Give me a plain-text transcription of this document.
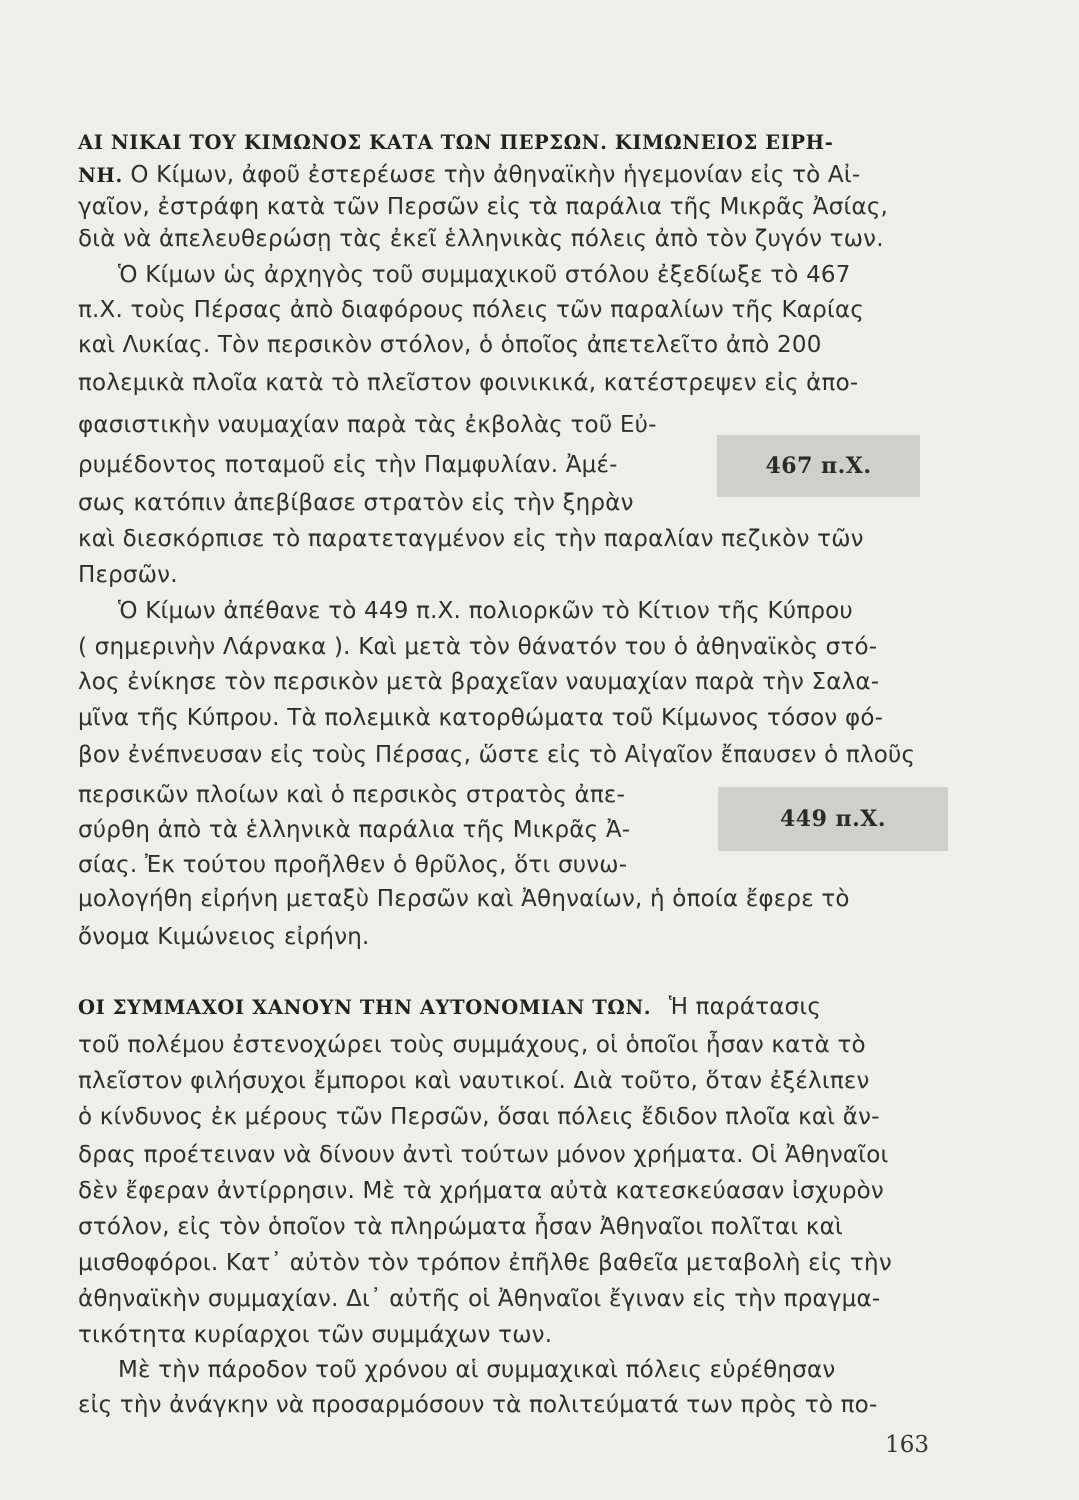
ΑΙ ΝΙΚΑΙ ΤΟΥ ΚΙΜΩΝΟΣ ΚΑΤΑ ΤΩΝ ΠΕΡΣΩΝ. ΚΙΜΩΝΕΙΟΣ ΕΙΡΗ-
ΝΗ. Ο Κίμων, ἀφοῦ ἐστερέωσε τὴν ἀθηναϊκὴν ἡγεμονίαν εἰς τὸ Αἰ-
γαῖον, ἐστράφη κατὰ τῶν Περσῶν εἰς τὰ παράλια τῆς Μικρᾶς Ἀσίας,
διὰ νὰ ἀπελευθερώσῃ τὰς ἐκεῖ ἑλληνικὰς πόλεις ἀπὸ τὸν ζυγόν των.
Ὁ Κίμων ὡς ἀρχηγὸς τοῦ συμμαχικοῦ στόλου ἐξεδίωξε τὸ 467
π.Χ. τοὺς Πέρσας ἀπὸ διαφόρους πόλεις τῶν παραλίων τῆς Καρίας
καὶ Λυκίας. Τὸν περσικὸν στόλον, ὁ ὁποῖος ἀπετελεῖτο ἀπὸ 200
πολεμικὰ πλοῖα κατὰ τὸ πλεῖστον φοινικικά, κατέστρεψεν εἰς ἀπο-
φασιστικὴν ναυμαχίαν παρὰ τὰς ἐκβολὰς τοῦ Εὐ-
ρυμέδοντος ποταμοῦ εἰς τὴν Παμφυλίαν. Ἀμέ-
σως κατόπιν ἀπεβίβασε στρατὸν εἰς τὴν ξηρὰν
467 π.Χ.
καὶ διεσκόρπισε τὸ παρατεταγμένον εἰς τὴν παραλίαν πεζικὸν τῶν
Περσῶν.
Ὁ Κίμων ἀπέθανε τὸ 449 π.Χ. πολιορκῶν τὸ Κίτιον τῆς Κύπρου
( σημερινὴν Λάρνακα ). Καὶ μετὰ τὸν θάνατόν του ὁ ἀθηναϊκὸς στό-
λος ἐνίκησε τὸν περσικὸν μετὰ βραχεῖαν ναυμαχίαν παρὰ τὴν Σαλα-
μῖνα τῆς Κύπρου. Τὰ πολεμικὰ κατορθώματα τοῦ Κίμωνος τόσον φό-
βον ἐνέπνευσαν εἰς τοὺς Πέρσας, ὥστε εἰς τὸ Αἰγαῖον ἔπαυσεν ὁ πλοῦς
περσικῶν πλοίων καὶ ὁ περσικὸς στρατὸς ἀπε-
σύρθη ἀπὸ τὰ ἑλληνικὰ παράλια τῆς Μικρᾶς Ἀ-
σίας. Ἐκ τούτου προῆλθεν ὁ θρῦλος, ὅτι συνω-
449 π.Χ.
μολογήθη εἰρήνη μεταξὺ Περσῶν καὶ Ἀθηναίων, ἡ ὁποία ἔφερε τὸ
ὄνομα Κιμώνειος εἰρήνη.
ΟΙ ΣΥΜΜΑΧΟΙ ΧΑΝΟΥΝ ΤΗΝ ΑΥΤΟΝΟΜΙΑΝ ΤΩΝ. Ἡ παράτασις
τοῦ πολέμου ἐστενοχώρει τοὺς συμμάχους, οἱ ὁποῖοι ἦσαν κατὰ τὸ
πλεῖστον φιλήσυχοι ἔμποροι καὶ ναυτικοί. Διὰ τοῦτο, ὅταν ἐξέλιπεν
ὁ κίνδυνος ἐκ μέρους τῶν Περσῶν, ὅσαι πόλεις ἔδιδον πλοῖα καὶ ἄν-
δρας προέτειναν νὰ δίνουν ἀντὶ τούτων μόνον χρήματα. Οἱ Ἀθηναῖοι
δὲν ἔφεραν ἀντίρρησιν. Μὲ τὰ χρήματα αὐτὰ κατεσκεύασαν ἰσχυρὸν
στόλον, εἰς τὸν ὁποῖον τὰ πληρώματα ἦσαν Ἀθηναῖοι πολῖται καὶ
μισθοφόροι. Κατ᾽ αὐτὸν τὸν τρόπον ἐπῆλθε βαθεῖα μεταβολὴ εἰς τὴν
ἀθηναϊκὴν συμμαχίαν. Δι᾽ αὐτῆς οἱ Ἀθηναῖοι ἔγιναν εἰς τὴν πραγμα-
τικότητα κυρίαρχοι τῶν συμμάχων των.
Μὲ τὴν πάροδον τοῦ χρόνου αἱ συμμαχικαὶ πόλεις εὑρέθησαν
εἰς τὴν ἀνάγκην νὰ προσαρμόσουν τὰ πολιτεύματά των πρὸς τὸ πο-
163
